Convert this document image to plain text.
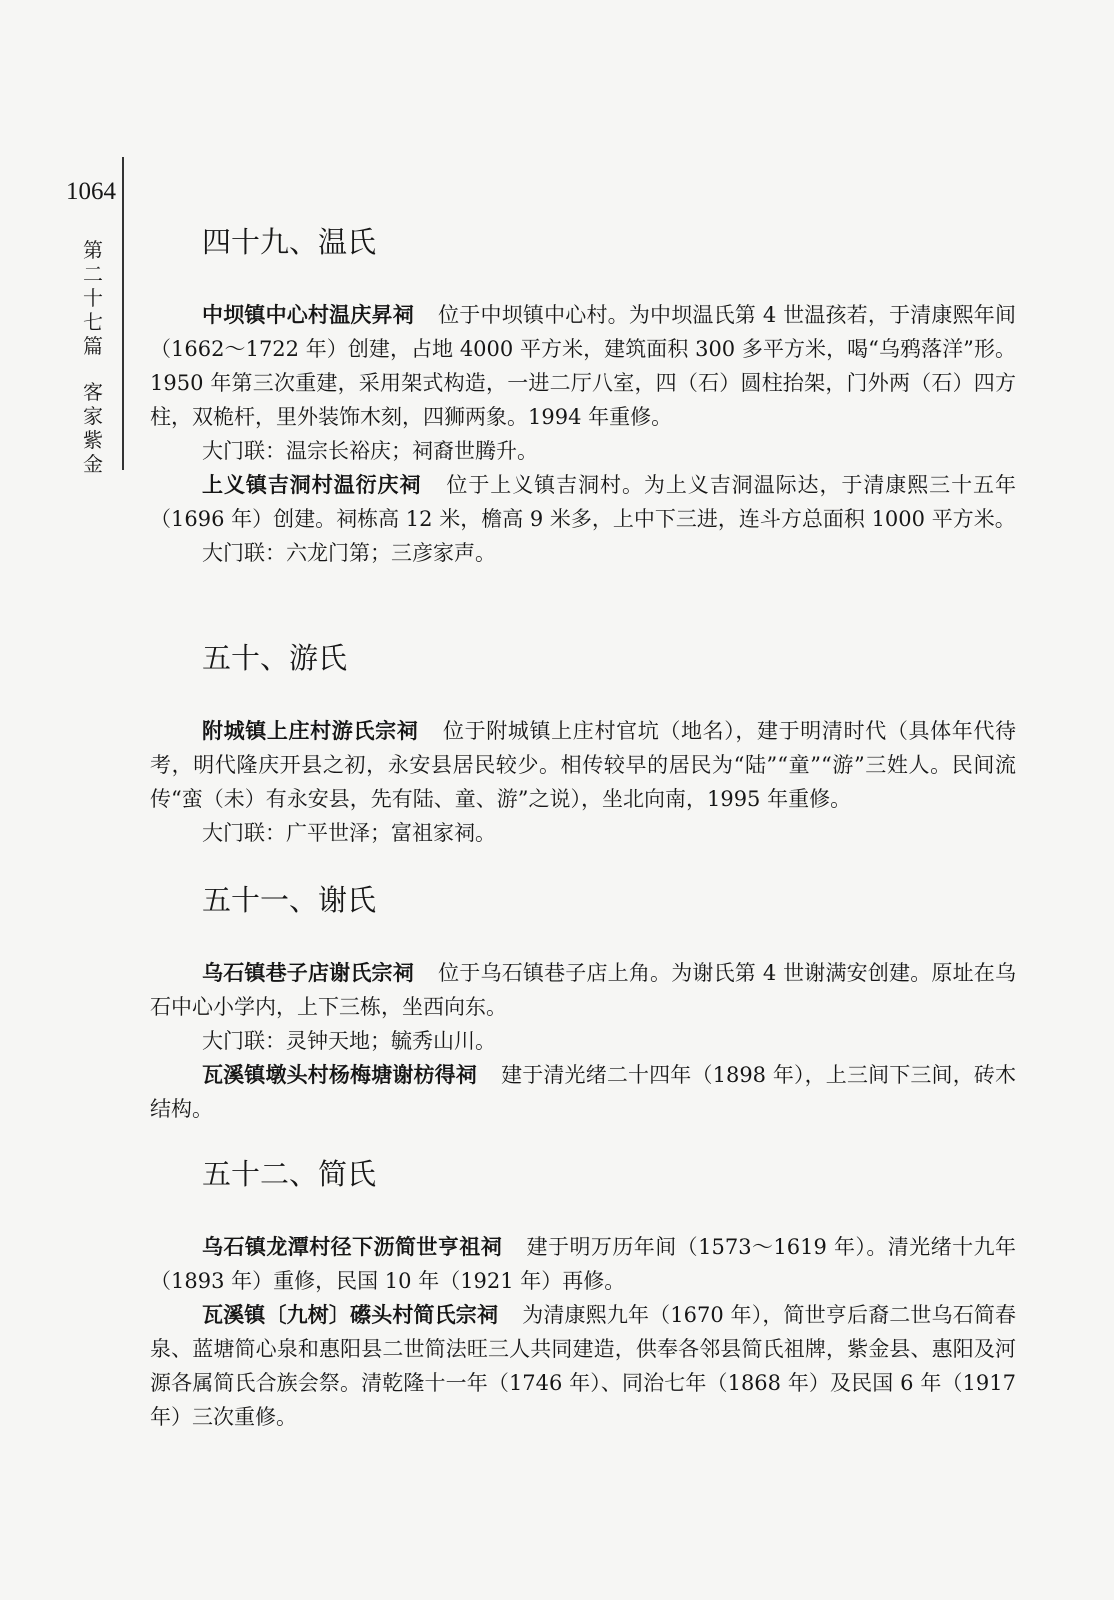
1064
第
二
十
七
篇
客
家
紫
金
四十九、温氏

中坝镇中心村温庆昇祠 位于中坝镇中心村。为中坝温氏第 4 世温孩若，于清康熙年间（1662～1722 年）创建，占地 4000 平方米，建筑面积 300 多平方米，喝“乌鸦落洋”形。1950 年第三次重建，采用架式构造，一进二厅八室，四（石）圆柱抬架，门外两（石）四方柱，双桅杆，里外装饰木刻，四狮两象。1994 年重修。

大门联：温宗长裕庆；祠裔世腾升。

上义镇吉洞村温衍庆祠 位于上义镇吉洞村。为上义吉洞温际达，于清康熙三十五年（1696 年）创建。祠栋高 12 米，檐高 9 米多，上中下三进，连斗方总面积 1000 平方米。

大门联：六龙门第；三彦家声。

五十、游氏

附城镇上庄村游氏宗祠 位于附城镇上庄村官坑（地名），建于明清时代（具体年代待考，明代隆庆开县之初，永安县居民较少。相传较早的居民为“陆”“童”“游”三姓人。民间流传“蛮（未）有永安县，先有陆、童、游”之说），坐北向南，1995 年重修。

大门联：广平世泽；富祖家祠。

五十一、谢氏

乌石镇巷子店谢氏宗祠 位于乌石镇巷子店上角。为谢氏第 4 世谢满安创建。原址在乌石中心小学内，上下三栋，坐西向东。

大门联：灵钟天地；毓秀山川。

瓦溪镇墩头村杨梅塘谢枋得祠 建于清光绪二十四年（1898 年），上三间下三间，砖木结构。

五十二、简氏

乌石镇龙潭村径下沥简世亨祖祠 建于明万历年间（1573～1619 年）。清光绪十九年（1893 年）重修，民国 10 年（1921 年）再修。

瓦溪镇〔九树〕礤头村简氏宗祠 为清康熙九年（1670 年），简世亨后裔二世乌石简春泉、蓝塘简心泉和惠阳县二世简法旺三人共同建造，供奉各邻县简氏祖牌，紫金县、惠阳及河源各属简氏合族会祭。清乾隆十一年（1746 年）、同治七年（1868 年）及民国 6 年（1917 年）三次重修。
